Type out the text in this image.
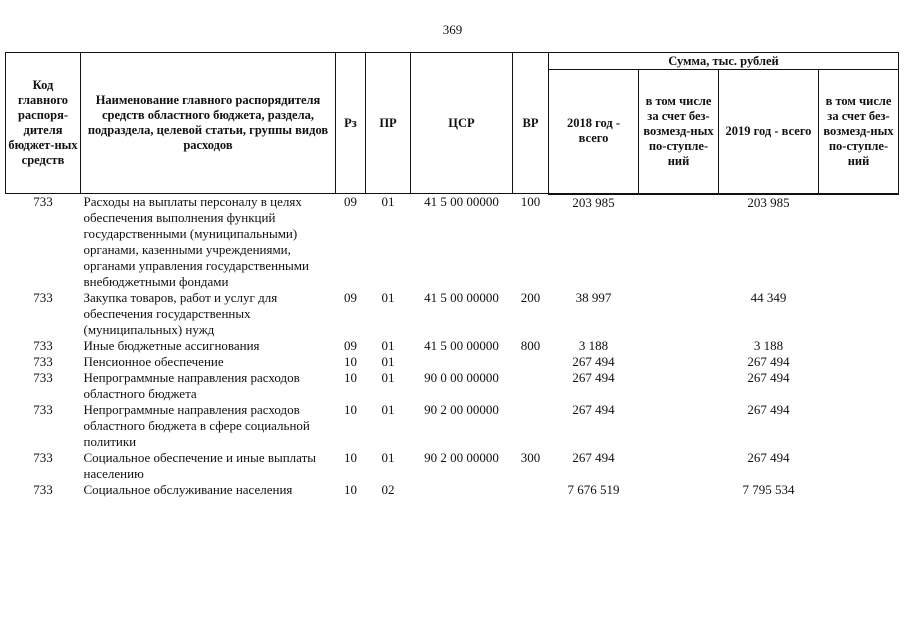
369
Код главного распоря-дителя бюджет-ных средств	Наименование главного распорядителя средств областного бюджета, раздела, подраздела, целевой статьи, группы видов расходов	Рз	ПР	ЦСР	ВР	Сумма, тыс. рублей			
						2018 год - всего	в том числе за счет без-возмезд-ных по-ступле-ний	2019 год - всего	в том числе за счет без-возмезд-ных по-ступле-ний
733	Расходы на выплаты персоналу в целях обеспечения выполнения функций государственными (муниципальными) органами, казенными учреждениями, органами управления государственными внебюджетными фондами	09	01	41 5 00 00000	100	203 985		203 985	
733	Закупка товаров, работ и услуг для обеспечения государственных (муниципальных) нужд	09	01	41 5 00 00000	200	38 997		44 349	
733	Иные бюджетные ассигнования	09	01	41 5 00 00000	800	3 188		3 188	
733	Пенсионное обеспечение	10	01			267 494		267 494	
733	Непрограммные направления расходов областного бюджета	10	01	90 0 00 00000		267 494		267 494	
733	Непрограммные направления расходов областного бюджета в сфере социальной политики	10	01	90 2 00 00000		267 494		267 494	
733	Социальное обеспечение и иные выплаты населению	10	01	90 2 00 00000	300	267 494		267 494	
733	Социальное обслуживание населения	10	02			7 676 519		7 795 534	
